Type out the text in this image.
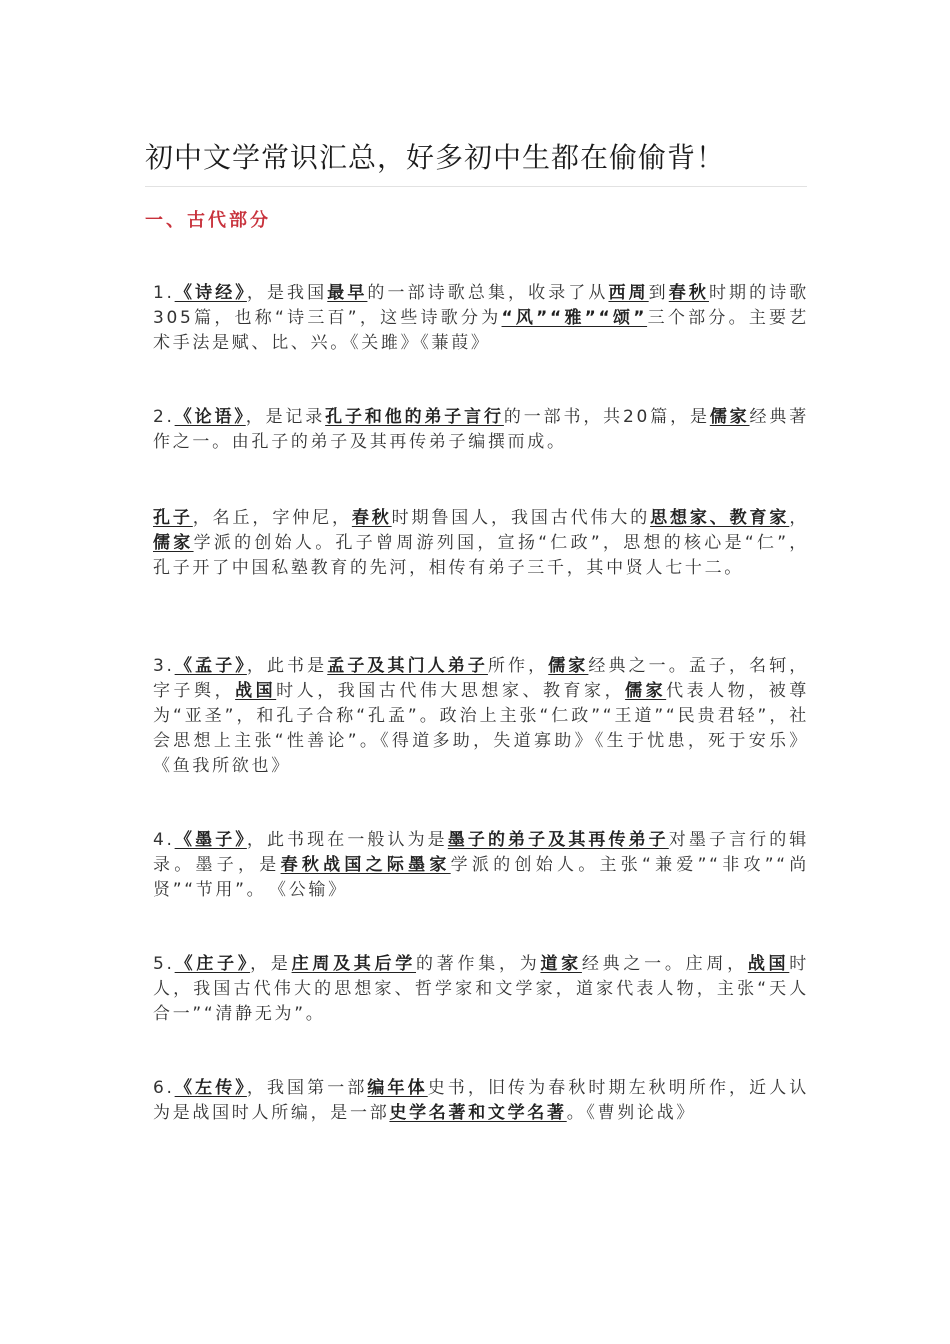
初中文学常识汇总，好多初中生都在偷偷背！
一、古代部分

1.《诗经》，是我国最早的一部诗歌总集，收录了从西周到春秋时期的诗歌305篇，也称“诗三百”，这些诗歌分为“风”“雅”“颂”三个部分。主要艺术手法是赋、比、兴。《关雎》《蒹葭》

2.《论语》，是记录孔子和他的弟子言行的一部书，共20篇，是儒家经典著作之一。由孔子的弟子及其再传弟子编撰而成。

孔子，名丘，字仲尼，春秋时期鲁国人，我国古代伟大的思想家、教育家，儒家学派的创始人。孔子曾周游列国，宣扬“仁政”，思想的核心是“仁”，孔子开了中国私塾教育的先河，相传有弟子三千，其中贤人七十二。

3.《孟子》，此书是孟子及其门人弟子所作，儒家经典之一。孟子，名轲，字子舆，战国时人，我国古代伟大思想家、教育家，儒家代表人物，被尊为“亚圣”，和孔子合称“孔孟”。政治上主张“仁政”“王道”“民贵君轻”，社会思想上主张“性善论”。《得道多助，失道寡助》《生于忧患，死于安乐》《鱼我所欲也》

4.《墨子》，此书现在一般认为是墨子的弟子及其再传弟子对墨子言行的辑录。墨子，是春秋战国之际墨家学派的创始人。主张“兼爱”“非攻”“尚贤”“节用”。　《公输》

5.《庄子》，是庄周及其后学的著作集，为道家经典之一。庄周，战国时人，我国古代伟大的思想家、哲学家和文学家，道家代表人物，主张“天人合一”“清静无为”。

6.《左传》，我国第一部编年体史书，旧传为春秋时期左秋明所作，近人认为是战国时人所编，是一部史学名著和文学名著。《曹刿论战》
